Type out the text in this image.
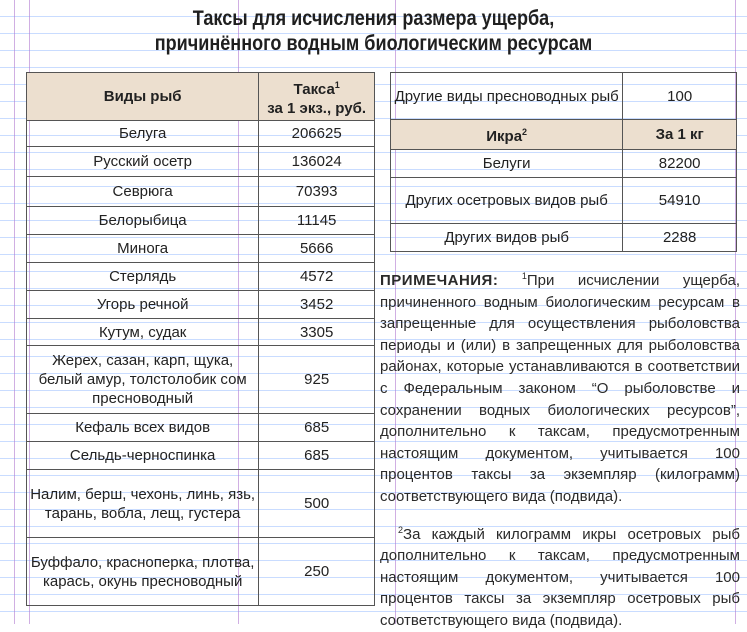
Таксы для исчисления размера ущерба,
причинённого водным биологическим ресурсам
Виды рыб	Такса$^1$
за 1 экз., руб.
Белуга	206625
Русский осетр	136024
Севрюга	70393
Белорыбица	11145
Минога	5666
Стерлядь	4572
Угорь речной	3452
Кутум, судак	3305
Жерех, сазан, карп, щука, белый амур, толстолобик сом пресноводный	925
Кефаль всех видов	685
Сельдь-черноспинка	685
Налим, берш, чехонь, линь, язь, тарань, вобла, лещ, густера	500
Буффало, красноперка, плотва, карась, окунь пресноводный	250
Другие виды пресноводных рыб	100
Икра$^2$	За 1 кг
Белуги	82200
Других осетровых видов рыб	54910
Других видов рыб	2288

ПРИМЕЧАНИЯ:	$^1$При исчислении ущерба, причиненного водным биологическим ресурсам в запрещенные для осуществления рыболовства периоды и (или) в запрещенных для рыболовства районах, которые устанавливаются в соответствии с Федеральным законом “О рыболовстве и сохранении водных биологических ресурсов”, дополнительно к таксам, предусмотренным настоящим документом, учитывается 100 процентов таксы за экземпляр (килограмм) соответствующего вида (подвида).

$^2$За каждый килограмм икры осетровых рыб дополнительно к таксам, предусмотренным настоящим документом, учитывается 100 процентов таксы за экземпляр осетровых рыб соответствующего вида (подвида).
